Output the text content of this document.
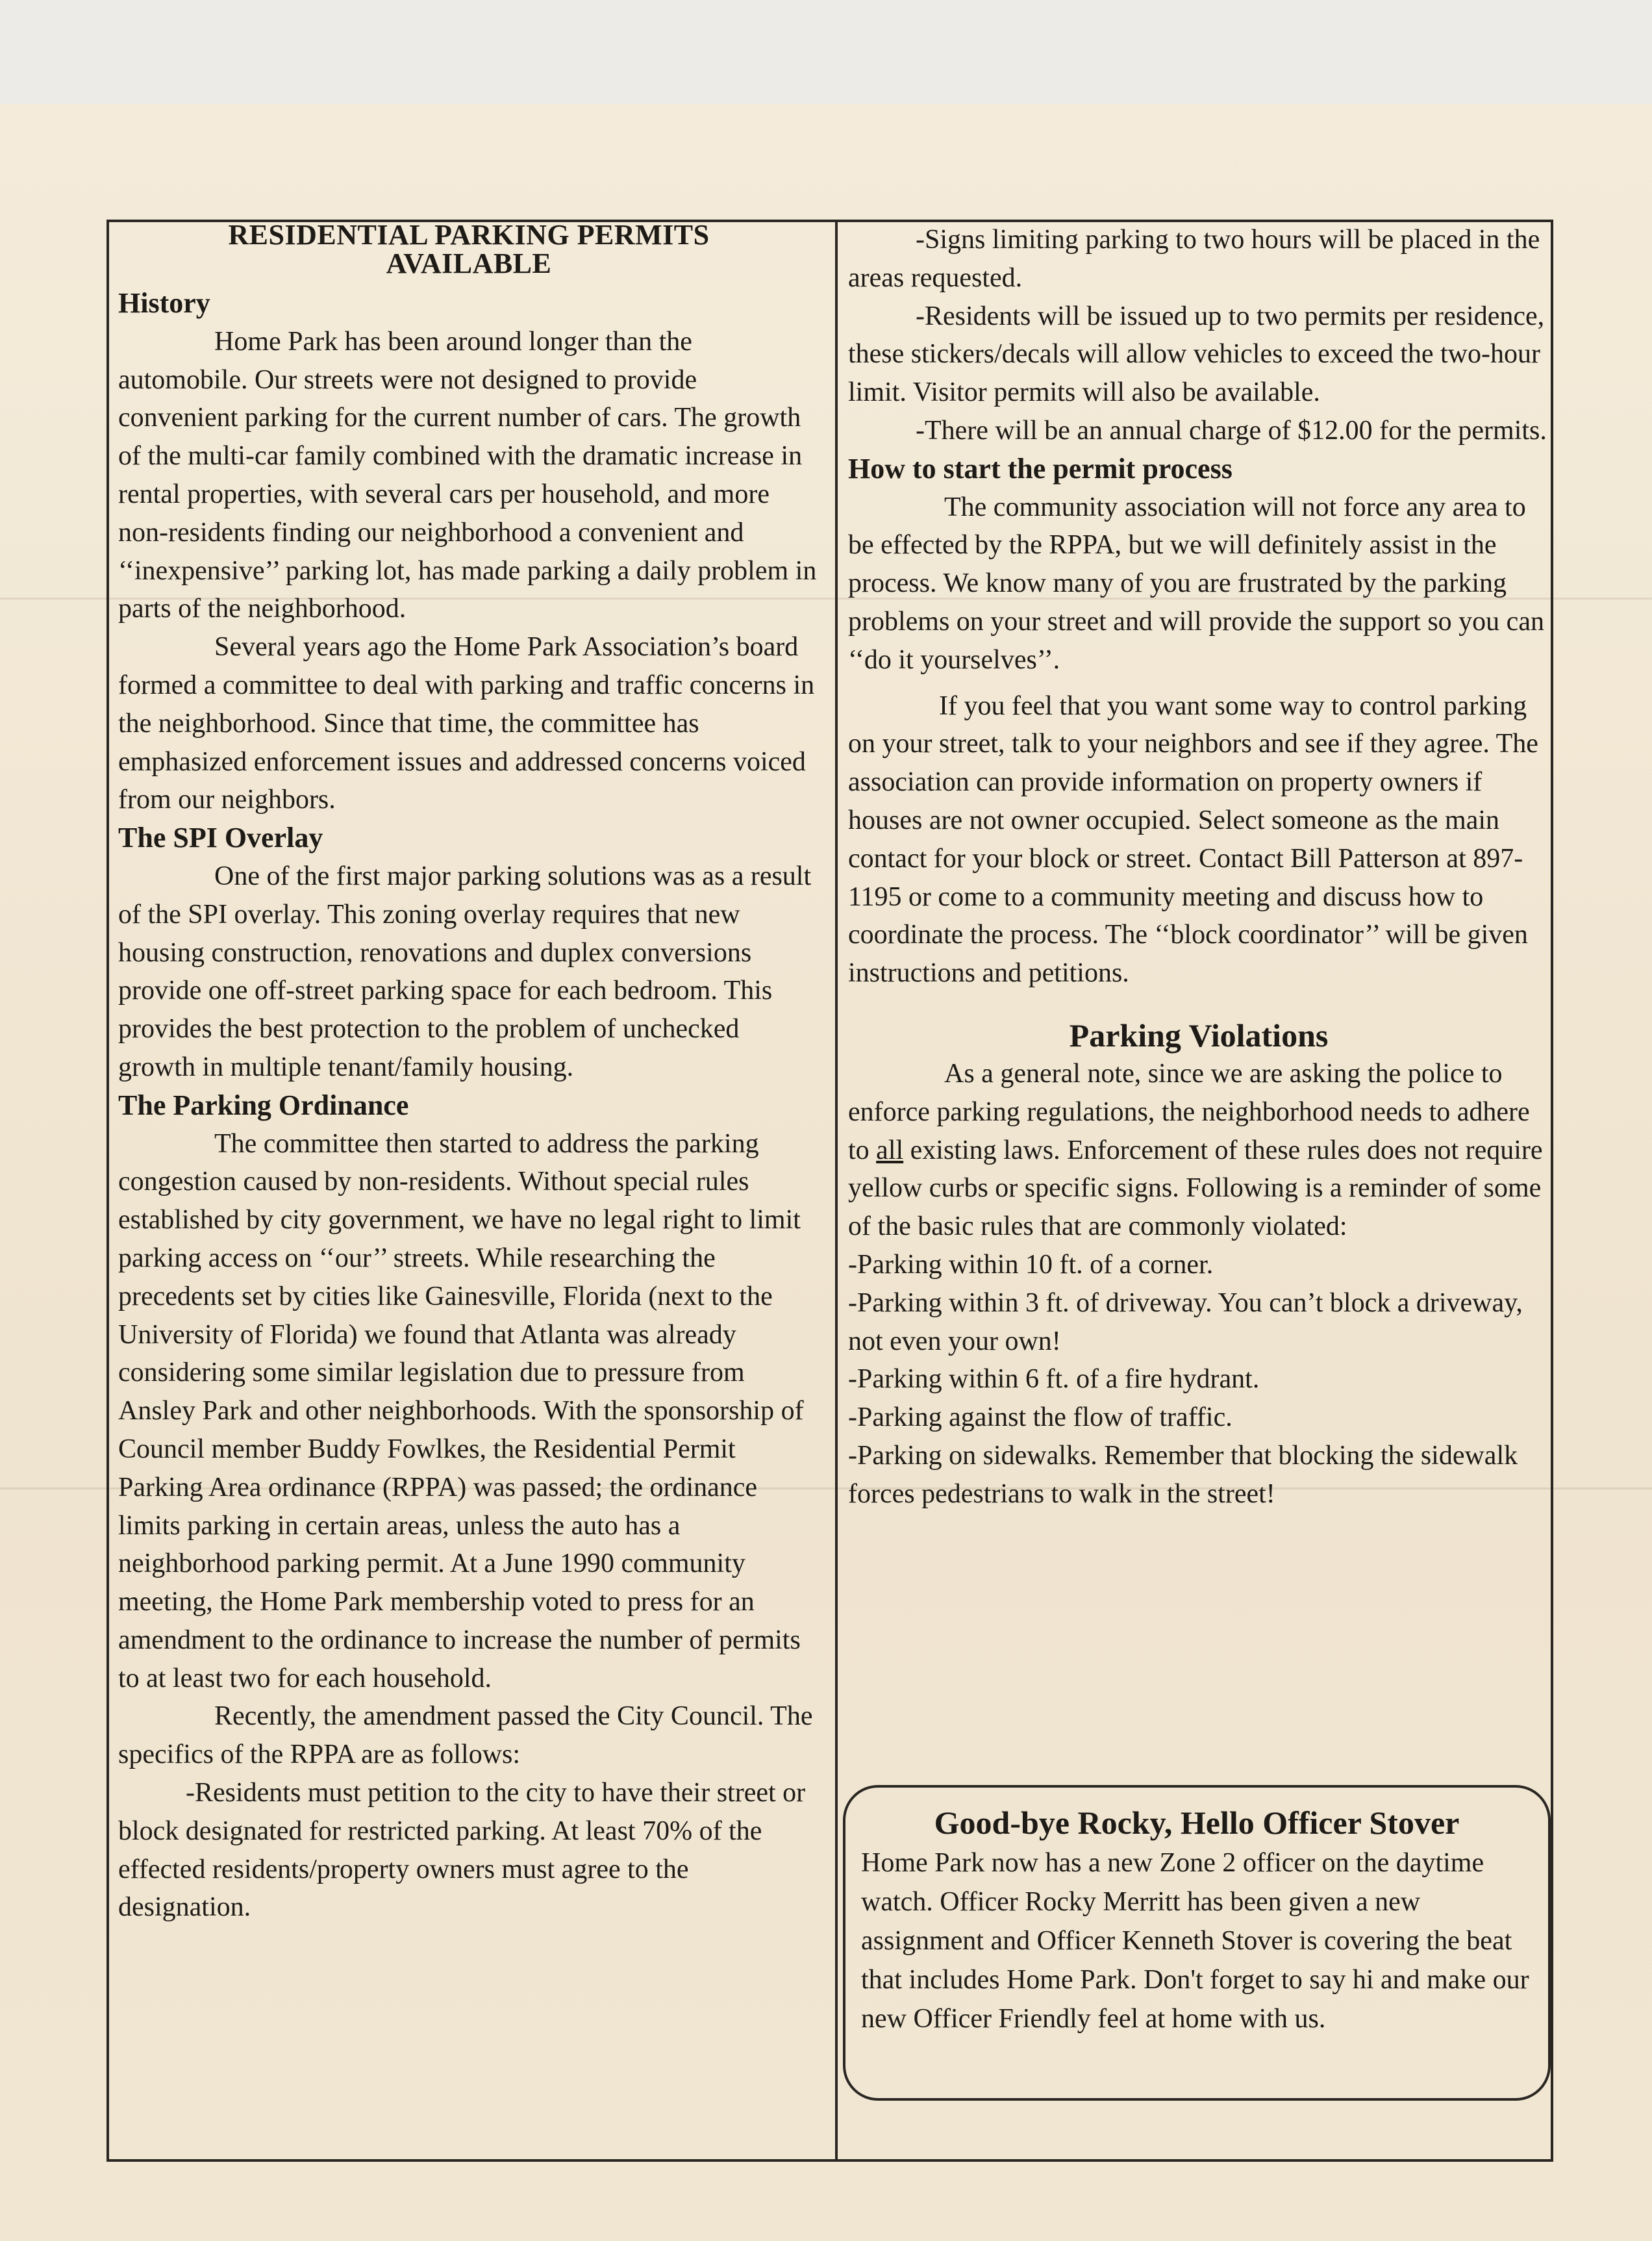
RESIDENTIAL PARKING PERMITS
AVAILABLE

History

Home Park has been around longer than the automobile. Our streets were not designed to provide convenient parking for the current number of cars. The growth of the multi-car family combined with the dramatic increase in rental properties, with several cars per household, and more non-residents finding our neighborhood a convenient and ‘‘inexpensive’’ parking lot, has made parking a daily problem in parts of the neighborhood.

Several years ago the Home Park Association’s board formed a committee to deal with parking and traffic concerns in the neighborhood. Since that time, the committee has emphasized enforcement issues and addressed concerns voiced from our neighbors.

The SPI Overlay

One of the first major parking solutions was as a result of the SPI overlay. This zoning overlay requires that new housing construction, renovations and duplex conversions provide one off-street parking space for each bedroom. This provides the best protection to the problem of unchecked growth in multiple tenant/family housing.

The Parking Ordinance

The committee then started to address the parking congestion caused by non-residents. Without special rules established by city government, we have no legal right to limit parking access on ‘‘our’’ streets. While researching the precedents set by cities like Gainesville, Florida (next to the University of Florida) we found that Atlanta was already considering some similar legislation due to pressure from Ansley Park and other neighborhoods. With the sponsorship of Council member Buddy Fowlkes, the Residential Permit Parking Area ordinance (RPPA) was passed; the ordinance limits parking in certain areas, unless the auto has a neighborhood parking permit. At a June 1990 community meeting, the Home Park membership voted to press for an amendment to the ordinance to increase the number of permits to at least two for each household.

Recently, the amendment passed the City Council. The specifics of the RPPA are as follows:

-Residents must petition to the city to have their street or block designated for restricted parking. At least 70% of the effected residents/property owners must agree to the designation.

-Signs limiting parking to two hours will be placed in the areas requested.

-Residents will be issued up to two permits per residence, these stickers/decals will allow vehicles to exceed the two-hour limit. Visitor permits will also be available.

-There will be an annual charge of $12.00 for the permits.

How to start the permit process

The community association will not force any area to be effected by the RPPA, but we will definitely assist in the process. We know many of you are frustrated by the parking problems on your street and will provide the support so you can ‘‘do it yourselves’’.

If you feel that you want some way to control parking on your street, talk to your neighbors and see if they agree. The association can provide information on property owners if houses are not owner occupied. Select someone as the main contact for your block or street. Contact Bill Patterson at 897-1195 or come to a community meeting and discuss how to coordinate the process. The ‘‘block coordinator’’ will be given instructions and petitions.

Parking Violations

As a general note, since we are asking the police to enforce parking regulations, the neighborhood needs to adhere to all existing laws. Enforcement of these rules does not require yellow curbs or specific signs. Following is a reminder of some of the basic rules that are commonly violated:

-Parking within 10 ft. of a corner.

-Parking within 3 ft. of driveway. You can’t block a driveway, not even your own!

-Parking within 6 ft. of a fire hydrant.

-Parking against the flow of traffic.

-Parking on sidewalks. Remember that blocking the sidewalk forces pedestrians to walk in the street!

Good-bye Rocky, Hello Officer Stover

Home Park now has a new Zone 2 officer on the daytime watch. Officer Rocky Merritt has been given a new assignment and Officer Kenneth Stover is covering the beat that includes Home Park. Don't forget to say hi and make our new Officer Friendly feel at home with us.
